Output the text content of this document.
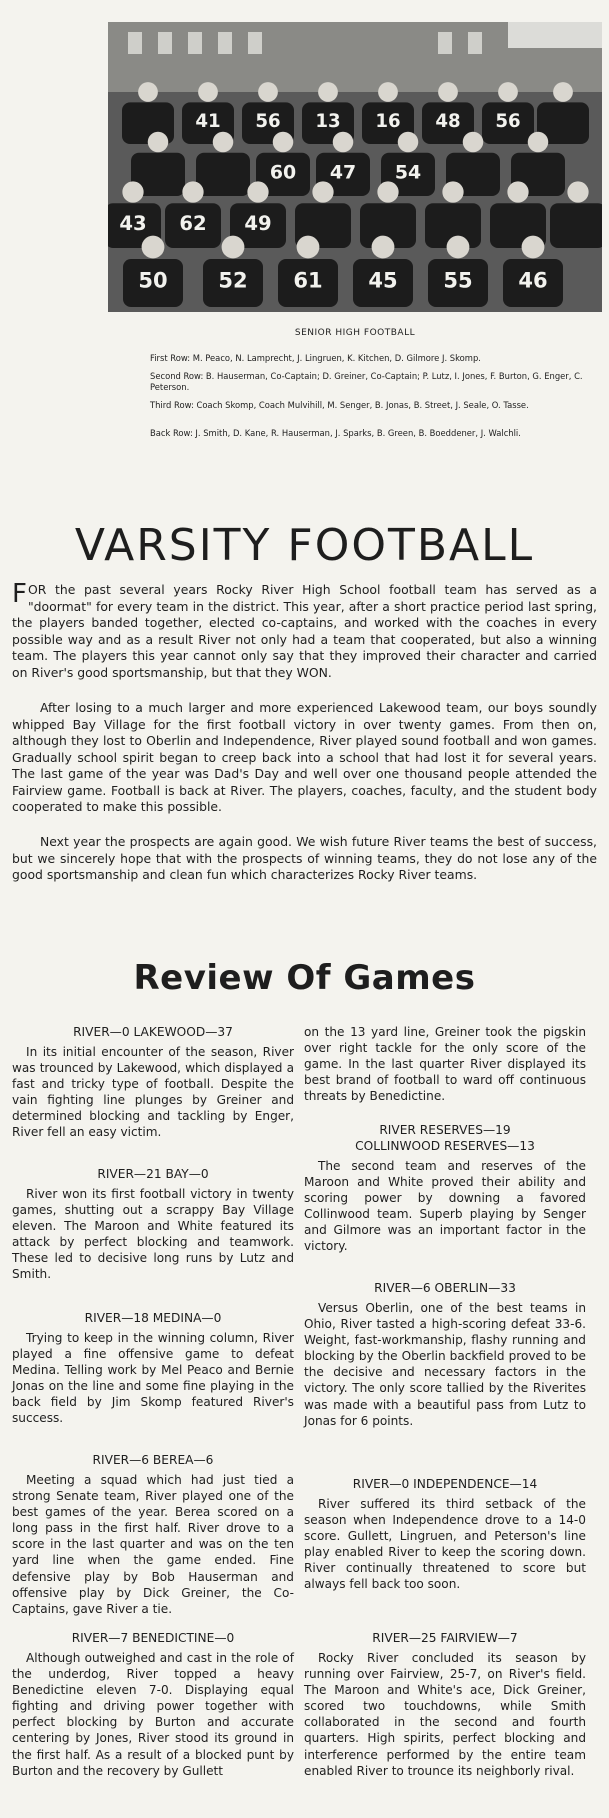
41 56 13 16 48 56
60 47 54
43 62 49
50 52 61 45 55 46
SENIOR HIGH FOOTBALL
First Row: M. Peaco, N. Lamprecht, J. Lingruen, K. Kitchen, D. Gilmore J. Skomp.
Second Row: B. Hauserman, Co-Captain; D. Greiner, Co-Captain; P. Lutz, I. Jones, F. Burton, G. Enger, C. Peterson.
Third Row: Coach Skomp, Coach Mulvihill, M. Senger, B. Jonas, B. Street, J. Seale, O. Tasse.
Back Row: J. Smith, D. Kane, R. Hauserman, J. Sparks, B. Green, B. Boeddener, J. Walchli.
VARSITY FOOTBALL

FOR the past several years Rocky River High School football team has served as a "doormat" for every team in the district. This year, after a short practice period last spring, the players banded together, elected co-captains, and worked with the coaches in every possible way and as a result River not only had a team that cooperated, but also a winning team. The players this year cannot only say that they improved their character and carried on River's good sportsmanship, but that they WON.

After losing to a much larger and more experienced Lakewood team, our boys soundly whipped Bay Village for the first football victory in over twenty games. From then on, although they lost to Oberlin and Independence, River played sound football and won games. Gradually school spirit began to creep back into a school that had lost it for several years. The last game of the year was Dad's Day and well over one thousand people attended the Fairview game. Football is back at River. The players, coaches, faculty, and the student body cooperated to make this possible.

Next year the prospects are again good. We wish future River teams the best of success, but we sincerely hope that with the prospects of winning teams, they do not lose any of the good sportsmanship and clean fun which characterizes Rocky River teams.

Review Of Games
RIVER—0 LAKEWOOD—37

In its initial encounter of the season, River was trounced by Lakewood, which displayed a fast and tricky type of football. Despite the vain fighting line plunges by Greiner and determined blocking and tackling by Enger, River fell an easy victim.

RIVER—21 BAY—0

River won its first football victory in twenty games, shutting out a scrappy Bay Village eleven. The Maroon and White featured its attack by perfect blocking and teamwork. These led to decisive long runs by Lutz and Smith.

RIVER—18 MEDINA—0

Trying to keep in the winning column, River played a fine offensive game to defeat Medina. Telling work by Mel Peaco and Bernie Jonas on the line and some fine playing in the back field by Jim Skomp featured River's success.

RIVER—6 BEREA—6

Meeting a squad which had just tied a strong Senate team, River played one of the best games of the year. Berea scored on a long pass in the first half. River drove to a score in the last quarter and was on the ten yard line when the game ended. Fine defensive play by Bob Hauserman and offensive play by Dick Greiner, the Co-Captains, gave River a tie.

RIVER—7 BENEDICTINE—0

Although outweighed and cast in the role of the underdog, River topped a heavy Benedictine eleven 7-0. Displaying equal fighting and driving power together with perfect blocking by Burton and accurate centering by Jones, River stood its ground in the first half. As a result of a blocked punt by Burton and the recovery by Gullett

on the 13 yard line, Greiner took the pigskin over right tackle for the only score of the game. In the last quarter River displayed its best brand of football to ward off continuous threats by Benedictine.

RIVER RESERVES—19
COLLINWOOD RESERVES—13

The second team and reserves of the Maroon and White proved their ability and scoring power by downing a favored Collinwood team. Superb playing by Senger and Gilmore was an important factor in the victory.

RIVER—6 OBERLIN—33

Versus Oberlin, one of the best teams in Ohio, River tasted a high-scoring defeat 33-6. Weight, fast-workmanship, flashy running and blocking by the Oberlin backfield proved to be the decisive and necessary factors in the victory. The only score tallied by the Riverites was made with a beautiful pass from Lutz to Jonas for 6 points.

RIVER—0 INDEPENDENCE—14

River suffered its third setback of the season when Independence drove to a 14-0 score. Gullett, Lingruen, and Peterson's line play enabled River to keep the scoring down. River continually threatened to score but always fell back too soon.

RIVER—25 FAIRVIEW—7

Rocky River concluded its season by running over Fairview, 25-7, on River's field. The Maroon and White's ace, Dick Greiner, scored two touchdowns, while Smith collaborated in the second and fourth quarters. High spirits, perfect blocking and interference performed by the entire team enabled River to trounce its neighborly rival.
